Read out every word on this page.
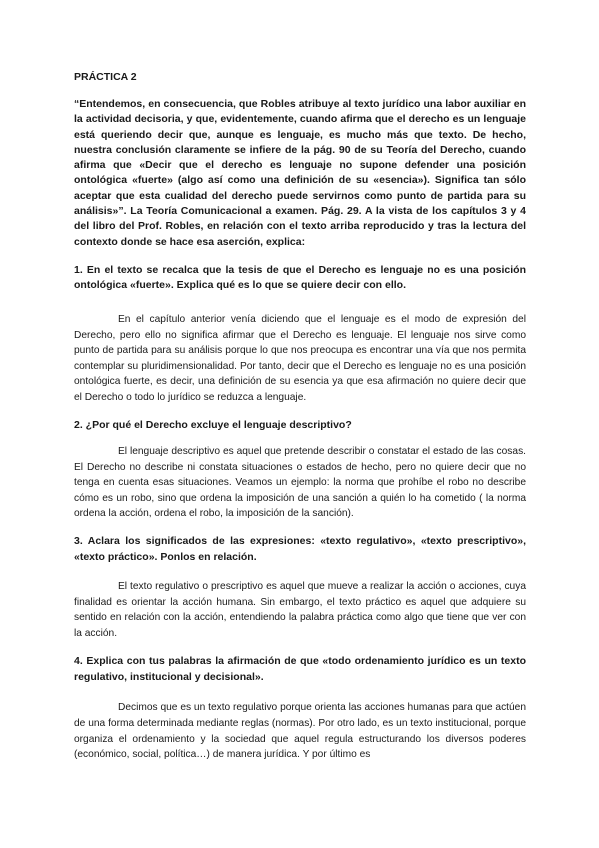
PRÁCTICA 2

“Entendemos, en consecuencia, que Robles atribuye al texto jurídico una labor auxiliar en la actividad decisoria, y que, evidentemente, cuando afirma que el derecho es un lenguaje está queriendo decir que, aunque es lenguaje, es mucho más que texto. De hecho, nuestra conclusión claramente se infiere de la pág. 90 de su Teoría del Derecho, cuando afirma que «Decir que el derecho es lenguaje no supone defender una posición ontológica «fuerte» (algo así como una definición de su «esencia»). Significa tan sólo aceptar que esta cualidad del derecho puede servirnos como punto de partida para su análisis»”. La Teoría Comunicacional a examen. Pág. 29. A la vista de los capítulos 3 y 4 del libro del Prof. Robles, en relación con el texto arriba reproducido y tras la lectura del contexto donde se hace esa aserción, explica:

1. En el texto se recalca que la tesis de que el Derecho es lenguaje no es una posición ontológica «fuerte». Explica qué es lo que se quiere decir con ello.

En el capítulo anterior venía diciendo que el lenguaje es el modo de expresión del Derecho, pero ello no significa afirmar que el Derecho es lenguaje. El lenguaje nos sirve como punto de partida para su análisis porque lo que nos preocupa es encontrar una vía que nos permita contemplar su pluridimensionalidad. Por tanto, decir que el Derecho es lenguaje no es una posición ontológica fuerte, es decir, una definición de su esencia ya que esa afirmación no quiere decir que el Derecho o todo lo jurídico se reduzca a lenguaje.

2. ¿Por qué el Derecho excluye el lenguaje descriptivo?

El lenguaje descriptivo es aquel que pretende describir o constatar el estado de las cosas. El Derecho no describe ni constata situaciones o estados de hecho, pero no quiere decir que no tenga en cuenta esas situaciones. Veamos un ejemplo: la norma que prohíbe el robo no describe cómo es un robo, sino que ordena la imposición de una sanción a quién lo ha cometido ( la norma ordena la acción, ordena el robo, la imposición de la sanción).

3. Aclara los significados de las expresiones: «texto regulativo», «texto prescriptivo», «texto práctico». Ponlos en relación.

El texto regulativo o prescriptivo es aquel que mueve a realizar la acción o acciones, cuya finalidad es orientar la acción humana. Sin embargo, el texto práctico es aquel que adquiere su sentido en relación con la acción, entendiendo la palabra práctica como algo que tiene que ver con la acción.

4. Explica con tus palabras la afirmación de que «todo ordenamiento jurídico es un texto regulativo, institucional y decisional».

Decimos que es un texto regulativo porque orienta las acciones humanas para que actúen de una forma determinada mediante reglas (normas). Por otro lado, es un texto institucional, porque organiza el ordenamiento y la sociedad que aquel regula estructurando los diversos poderes (económico, social, política…) de manera jurídica. Y por último es
